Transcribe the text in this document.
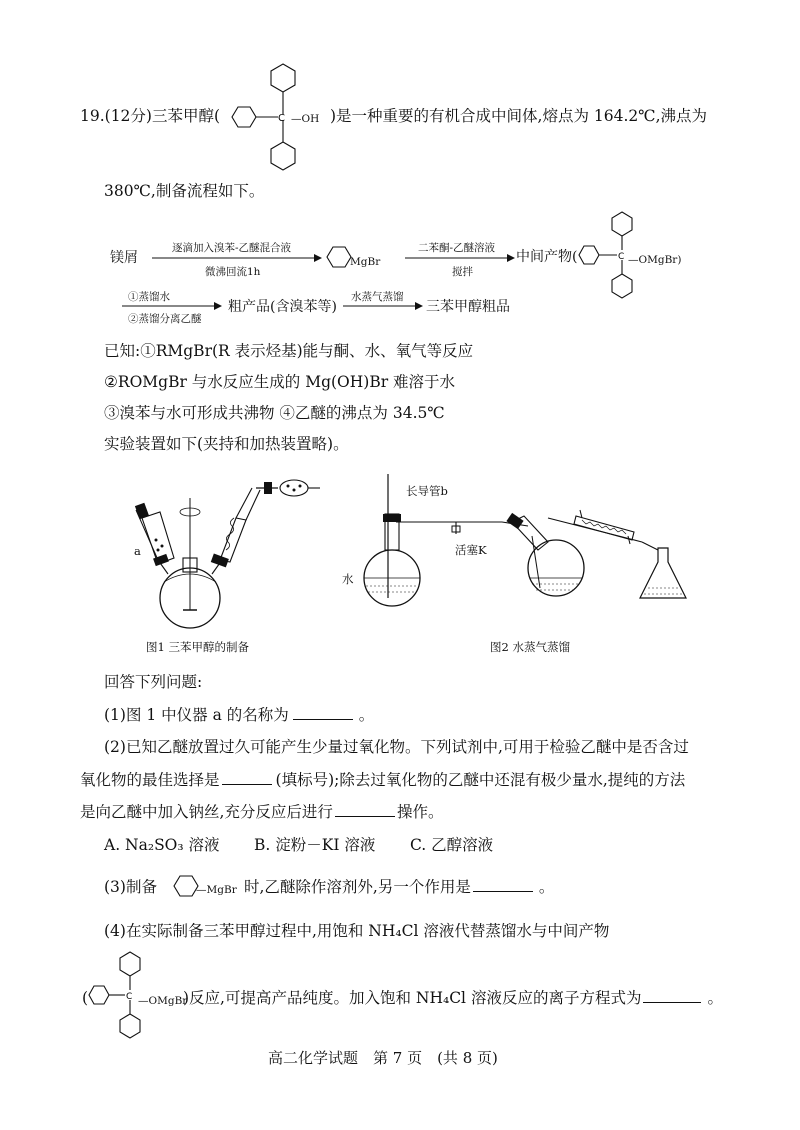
19.(12分)三苯甲醇(	C —OH )是一种重要的有机合成中间体,熔点为 164.2℃,沸点为
380℃,制备流程如下。
镁屑
逐滴加入溴苯-乙醚混合液
微沸回流1h
MgBr
二苯酮-乙醚溶液
搅拌
中间产物(	C —OMgBr)
①蒸馏水
②蒸馏分离乙醚
粗产品(含溴苯等)
水蒸气蒸馏
三苯甲醇粗品
已知:①RMgBr(R 表示烃基)能与酮、水、氧气等反应
②ROMgBr 与水反应生成的 Mg(OH)Br 难溶于水
③溴苯与水可形成共沸物 ④乙醚的沸点为 34.5℃
实验装置如下(夹持和加热装置略)。
a
图1 三苯甲醇的制备
长导管b
活塞K
水
图2 水蒸气蒸馏
回答下列问题:
(1)图 1 中仪器 a 的名称为	。
(2)已知乙醚放置过久可能产生少量过氧化物。下列试剂中,可用于检验乙醚中是否含过
氧化物的最佳选择是	(填标号);除去过氧化物的乙醚中还混有极少量水,提纯的方法
是向乙醚中加入钠丝,充分反应后进行	操作。
A. Na₂SO₃ 溶液 B. 淀粉－KI 溶液 C. 乙醇溶液
(3)制备	—MgBr 时,乙醚除作溶剂外,另一个作用是	。
(4)在实际制备三苯甲醇过程中,用饱和 NH₄Cl 溶液代替蒸馏水与中间产物
(	C —OMgBr
)反应,可提高产品纯度。加入饱和 NH₄Cl 溶液反应的离子方程式为	。
高二化学试题　第 7 页　(共 8 页)
